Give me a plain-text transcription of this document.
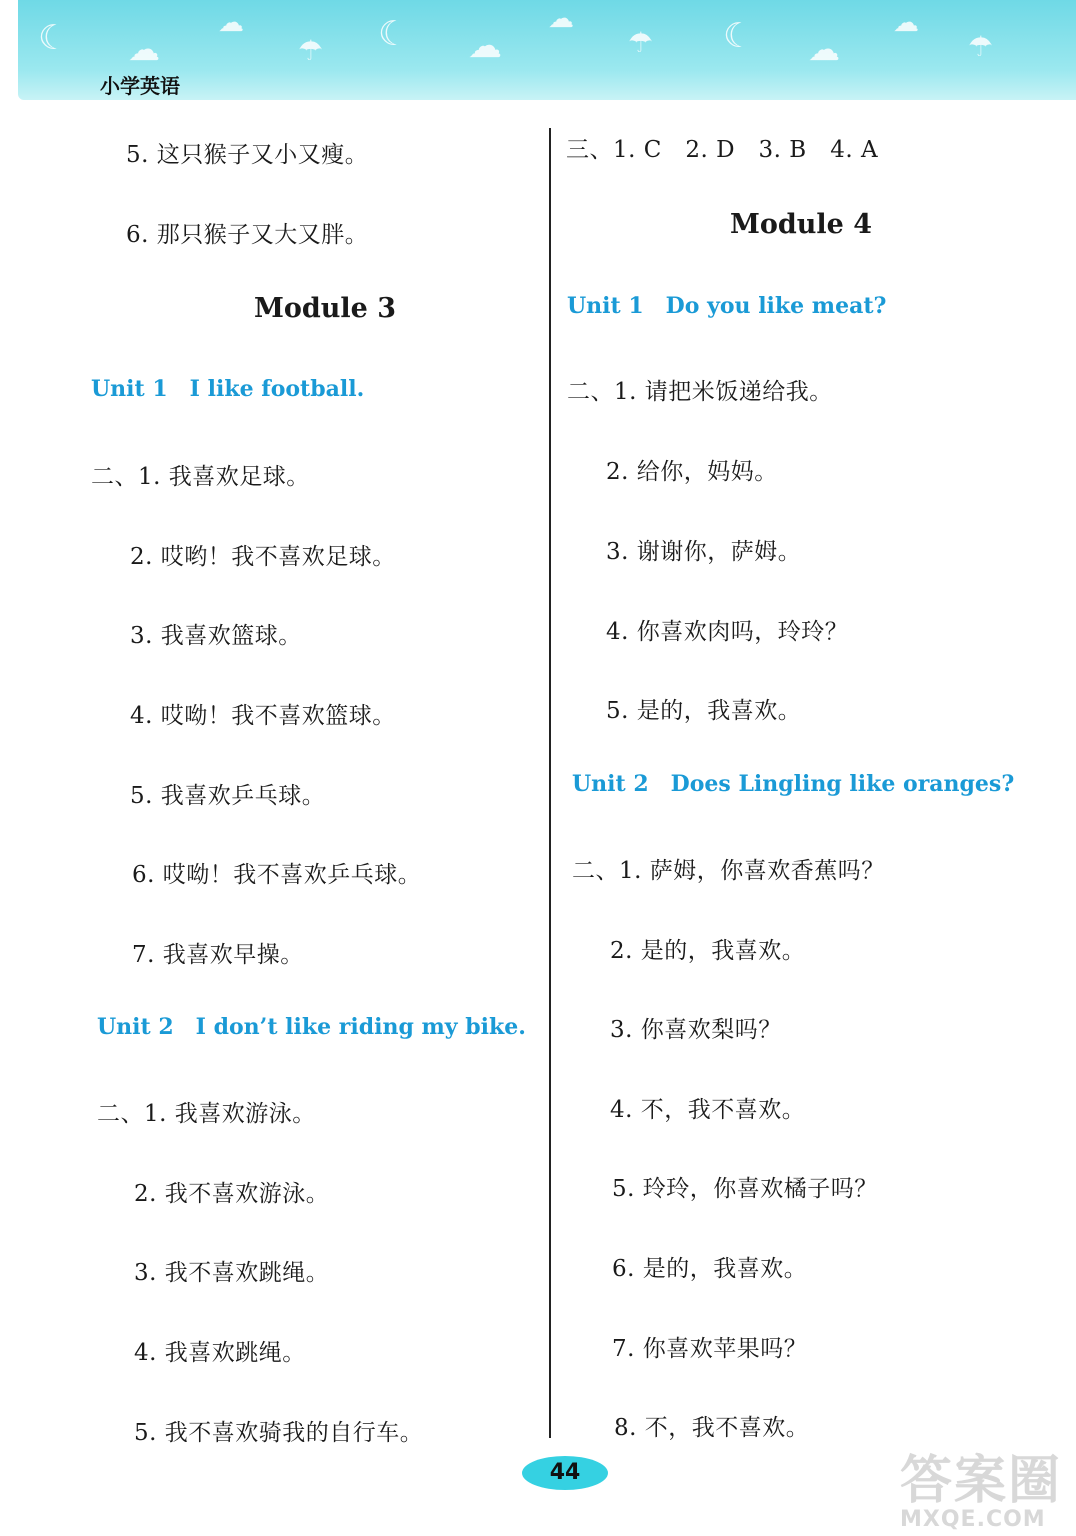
☾ ☁
☁
☂ ☾ ☁
☁
☂ ☾ ☁
☁
☂
小学英语
5. 这只猴子又小又瘦。
6. 那只猴子又大又胖。
Module 3
Unit 1 I like football.
二、1. 我喜欢足球。
2. 哎哟！我不喜欢足球。
3. 我喜欢篮球。
4. 哎呦！我不喜欢篮球。
5. 我喜欢乒乓球。
6. 哎呦！我不喜欢乒乓球。
7. 我喜欢早操。
Unit 2 I don’t like riding my bike.
二、1. 我喜欢游泳。
2. 我不喜欢游泳。
3. 我不喜欢跳绳。
4. 我喜欢跳绳。
5. 我不喜欢骑我的自行车。
三、1. C　2. D　3. B　4. A
Module 4
Unit 1 Do you like meat?
二、1. 请把米饭递给我。
2. 给你，妈妈。
3. 谢谢你，萨姆。
4. 你喜欢肉吗，玲玲？
5. 是的，我喜欢。
Unit 2 Does Lingling like oranges?
二、1. 萨姆，你喜欢香蕉吗？
2. 是的，我喜欢。
3. 你喜欢梨吗？
4. 不，我不喜欢。
5. 玲玲，你喜欢橘子吗？
6. 是的，我喜欢。
7. 你喜欢苹果吗？
8. 不，我不喜欢。
44	答案圈
MXQE.COM
